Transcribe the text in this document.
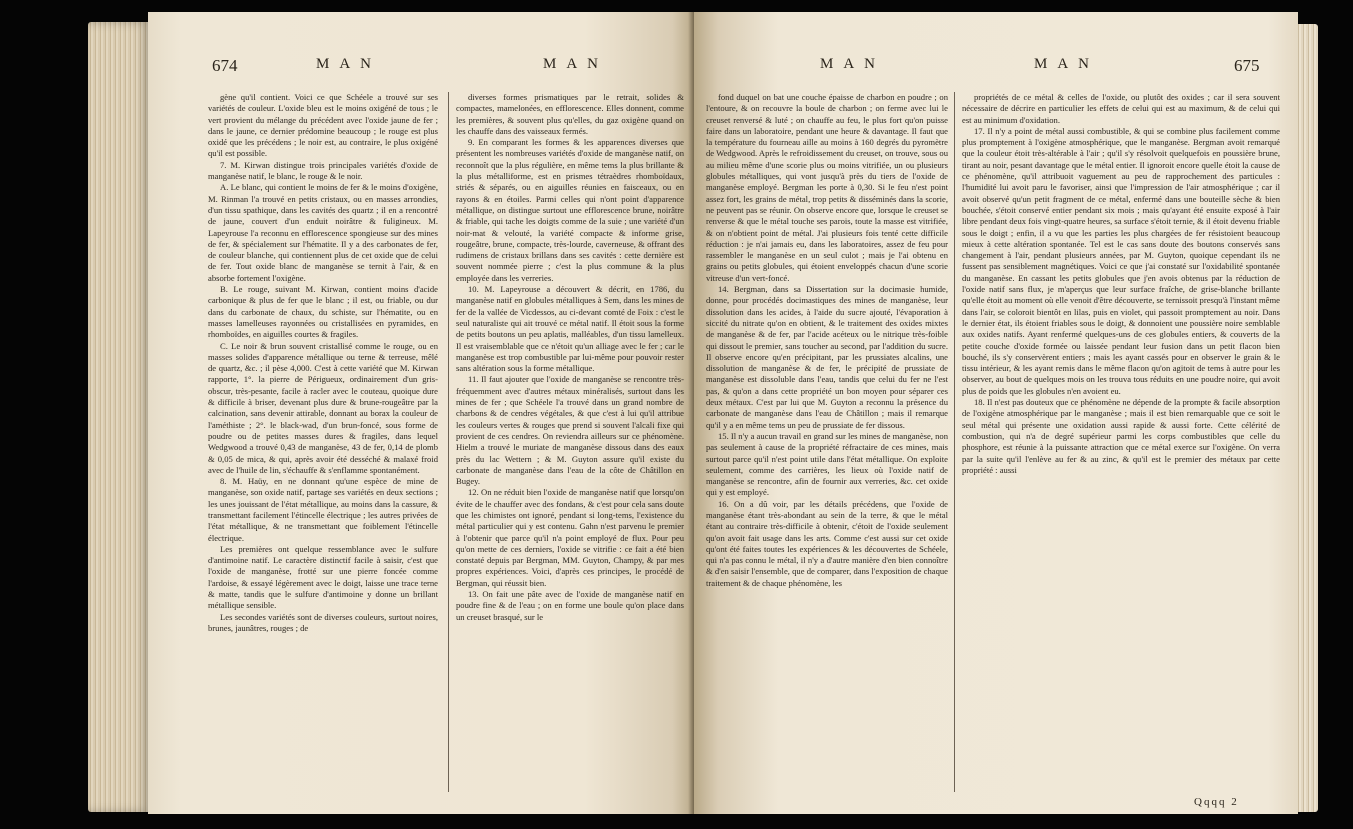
674	MAN	MAN

gène qu'il contient. Voici ce que Schéele a trouvé sur ses variétés de couleur. L'oxide bleu est le moins oxigéné de tous ; le vert provient du mélange du précédent avec l'oxide jaune de fer ; dans le jaune, ce dernier prédomine beaucoup ; le rouge est plus oxidé que les précédens ; le noir est, au contraire, le plus oxigéné qu'il est possible.

7. M. Kirwan distingue trois principales variétés d'oxide de manganèse natif, le blanc, le rouge & le noir.

A. Le blanc, qui contient le moins de fer & le moins d'oxigène, M. Rinman l'a trouvé en petits cristaux, ou en masses arrondies, d'un tissu spathique, dans les cavités des quartz ; il en a rencontré de jaune, couvert d'un enduit noirâtre & fuligineux. M. Lapeyrouse l'a reconnu en efflorescence spongieuse sur des mines de fer, & spécialement sur l'hématite. Il y a des carbonates de fer, de couleur blanche, qui contiennent plus de cet oxide que de celui de fer. Tout oxide blanc de manganèse se ternit à l'air, & en absorbe fortement l'oxigène.

B. Le rouge, suivant M. Kirwan, contient moins d'acide carbonique & plus de fer que le blanc ; il est, ou friable, ou dur dans du carbonate de chaux, du schiste, sur l'hématite, ou en masses lamelleuses rayonnées ou cristallisées en pyramides, en rhomboïdes, en aiguilles courtes & fragiles.

C. Le noir & brun souvent cristallisé comme le rouge, ou en masses solides d'apparence métallique ou terne & terreuse, mêlé de quartz, &c. ; il pèse 4,000. C'est à cette variété que M. Kirwan rapporte, 1°. la pierre de Périgueux, ordinairement d'un gris-obscur, très-pesante, facile à racler avec le couteau, quoique dure & difficile à briser, devenant plus dure & brune-rougeâtre par la calcination, sans devenir attirable, donnant au borax la couleur de l'améthiste ; 2°. le black-wad, d'un brun-foncé, sous forme de poudre ou de petites masses dures & fragiles, dans lequel Wedgwood a trouvé 0,43 de manganèse, 43 de fer, 0,14 de plomb & 0,05 de mica, & qui, après avoir été desséché & malaxé froid avec de l'huile de lin, s'échauffe & s'enflamme spontanément.

8. M. Haüy, en ne donnant qu'une espèce de mine de manganèse, son oxide natif, partage ses variétés en deux sections ; les unes jouissant de l'état métallique, au moins dans la cassure, & transmettant facilement l'étincelle électrique ; les autres privées de l'état métallique, & ne transmettant que foiblement l'étincelle électrique.

Les premières ont quelque ressemblance avec le sulfure d'antimoine natif. Le caractère distinctif facile à saisir, c'est que l'oxide de manganèse, frotté sur une pierre foncée comme l'ardoise, & essayé légèrement avec le doigt, laisse une trace terne & matte, tandis que le sulfure d'antimoine y donne un brillant métallique sensible.

Les secondes variétés sont de diverses couleurs, surtout noires, brunes, jaunâtres, rouges ; de

diverses formes prismatiques par le retrait, solides & compactes, mamelonées, en efflorescence. Elles donnent, comme les premières, & souvent plus qu'elles, du gaz oxigène quand on les chauffe dans des vaisseaux fermés.

9. En comparant les formes & les apparences diverses que présentent les nombreuses variétés d'oxide de manganèse natif, on reconnoît que la plus régulière, en même tems la plus brillante & la plus métalliforme, est en prismes tétraèdres rhomboïdaux, striés & séparés, ou en aiguilles réunies en faisceaux, ou en rayons & en étoiles. Parmi celles qui n'ont point d'apparence métallique, on distingue surtout une efflorescence brune, noirâtre & friable, qui tache les doigts comme de la suie ; une variété d'un noir-mat & velouté, la variété compacte & informe grise, rougeâtre, brune, compacte, très-lourde, caverneuse, & offrant des rudimens de cristaux brillans dans ses cavités : cette dernière est souvent nommée pierre ; c'est la plus commune & la plus employée dans les verreries.

10. M. Lapeyrouse a découvert & décrit, en 1786, du manganèse natif en globules métalliques à Sem, dans les mines de fer de la vallée de Vicdessos, au ci-devant comté de Foix : c'est le seul naturaliste qui ait trouvé ce métal natif. Il étoit sous la forme de petits boutons un peu aplatis, malléables, d'un tissu lamelleux. Il est vraisemblable que ce n'étoit qu'un alliage avec le fer ; car le manganèse est trop combustible par lui-même pour pouvoir rester sans altération sous la forme métallique.

11. Il faut ajouter que l'oxide de manganèse se rencontre très-fréquemment avec d'autres métaux minéralisés, surtout dans les mines de fer ; que Schéele l'a trouvé dans un grand nombre de charbons & de cendres végétales, & que c'est à lui qu'il attribue les couleurs vertes & rouges que prend si souvent l'alcali fixe qui provient de ces cendres. On reviendra ailleurs sur ce phénomène. Hielm a trouvé le muriate de manganèse dissous dans des eaux près du lac Wettern ; & M. Guyton assure qu'il existe du carbonate de manganèse dans l'eau de la côte de Châtillon en Bugey.

12. On ne réduit bien l'oxide de manganèse natif que lorsqu'on évite de le chauffer avec des fondans, & c'est pour cela sans doute que les chimistes ont ignoré, pendant si long-tems, l'existence du métal particulier qui y est contenu. Gahn n'est parvenu le premier à l'obtenir que parce qu'il n'a point employé de flux. Pour peu qu'on mette de ces derniers, l'oxide se vitrifie : ce fait a été bien constaté depuis par Bergman, MM. Guyton, Champy, & par mes propres expériences. Voici, d'après ces principes, le procédé de Bergman, qui réussit bien.

13. On fait une pâte avec de l'oxide de manganèse natif en poudre fine & de l'eau ; on en forme une boule qu'on place dans un creuset brasqué, sur le

MAN	MAN	675

fond duquel on bat une couche épaisse de charbon en poudre ; on l'entoure, & on recouvre la boule de charbon ; on ferme avec lui le creuset renversé & luté ; on chauffe au feu, le plus fort qu'on puisse faire dans un laboratoire, pendant une heure & davantage. Il faut que la température du fourneau aille au moins à 160 degrés du pyromètre de Wedgwood. Après le refroidissement du creuset, on trouve, sous ou au milieu même d'une scorie plus ou moins vitrifiée, un ou plusieurs globules métalliques, qui vont jusqu'à près du tiers de l'oxide de manganèse employé. Bergman les porte à 0,30. Si le feu n'est point assez fort, les grains de métal, trop petits & disséminés dans la scorie, ne peuvent pas se réunir. On observe encore que, lorsque le creuset se renverse & que le métal touche ses parois, toute la masse est vitrifiée, & on n'obtient point de métal. J'ai plusieurs fois tenté cette difficile réduction : je n'ai jamais eu, dans les laboratoires, assez de feu pour rassembler le manganèse en un seul culot ; mais je l'ai obtenu en grains ou petits globules, qui étoient enveloppés chacun d'une scorie vitreuse d'un vert-foncé.

14. Bergman, dans sa Dissertation sur la docimasie humide, donne, pour procédés docimastiques des mines de manganèse, leur dissolution dans les acides, à l'aide du sucre ajouté, l'évaporation à siccité du nitrate qu'on en obtient, & le traitement des oxides mixtes de manganèse & de fer, par l'acide acéteux ou le nitrique très-foible qui dissout le premier, sans toucher au second, par l'addition du sucre. Il observe encore qu'en précipitant, par les prussiates alcalins, une dissolution de manganèse & de fer, le précipité de prussiate de manganèse est dissoluble dans l'eau, tandis que celui du fer ne l'est pas, & qu'on a dans cette propriété un bon moyen pour séparer ces deux métaux. C'est par lui que M. Guyton a reconnu la présence du carbonate de manganèse dans l'eau de Châtillon ; mais il remarque qu'il y a en même tems un peu de prussiate de fer dissous.

15. Il n'y a aucun travail en grand sur les mines de manganèse, non pas seulement à cause de la propriété réfractaire de ces mines, mais surtout parce qu'il n'est point utile dans l'état métallique. On exploite seulement, comme des carrières, les lieux où l'oxide natif de manganèse se rencontre, afin de fournir aux verreries, &c. cet oxide qui y est employé.

16. On a dû voir, par les détails précédens, que l'oxide de manganèse étant très-abondant au sein de la terre, & que le métal étant au contraire très-difficile à obtenir, c'étoit de l'oxide seulement qu'on avoit fait usage dans les arts. Comme c'est aussi sur cet oxide qu'ont été faites toutes les expériences & les découvertes de Schéele, qui n'a pas connu le métal, il n'y a d'autre manière d'en bien connoître & d'en saisir l'ensemble, que de comparer, dans l'exposition de chaque traitement & de chaque phénomène, les

propriétés de ce métal & celles de l'oxide, ou plutôt des oxides ; car il sera souvent nécessaire de décrire en particulier les effets de celui qui est au maximum, & de celui qui est au minimum d'oxidation.

17. Il n'y a point de métal aussi combustible, & qui se combine plus facilement comme plus promptement à l'oxigène atmosphérique, que le manganèse. Bergman avoit remarqué que la couleur étoit très-altérable à l'air ; qu'il s'y résolvoit quelquefois en poussière brune, tirant au noir, pesant davantage que le métal entier. Il ignoroit encore quelle étoit la cause de ce phénomène, qu'il attribuoit vaguement au peu de rapprochement des particules : l'humidité lui avoit paru le favoriser, ainsi que l'impression de l'air atmosphérique ; car il avoit observé qu'un petit fragment de ce métal, enfermé dans une bouteille sèche & bien bouchée, s'étoit conservé entier pendant six mois ; mais qu'ayant été ensuite exposé à l'air libre pendant deux fois vingt-quatre heures, sa surface s'étoit ternie, & il étoit devenu friable sous le doigt ; enfin, il a vu que les parties les plus chargées de fer résistoient beaucoup mieux à cette altération spontanée. Tel est le cas sans doute des boutons conservés sans changement à l'air, pendant plusieurs années, par M. Guyton, quoique cependant ils ne fussent pas sensiblement magnétiques. Voici ce que j'ai constaté sur l'oxidabilité spontanée du manganèse. En cassant les petits globules que j'en avois obtenus par la réduction de l'oxide natif sans flux, je m'aperçus que leur surface fraîche, de grise-blanche brillante qu'elle étoit au moment où elle venoit d'être découverte, se ternissoit presqu'à l'instant même dans l'air, se coloroit bientôt en lilas, puis en violet, qui passoit promptement au noir. Dans le dernier état, ils étoient friables sous le doigt, & donnoient une poussière noire semblable aux oxides natifs. Ayant renfermé quelques-uns de ces globules entiers, & couverts de la petite couche d'oxide formée ou laissée pendant leur fusion dans un petit flacon bien bouché, ils s'y conservèrent entiers ; mais les ayant cassés pour en observer le grain & le tissu intérieur, & les ayant remis dans le même flacon qu'on agitoit de tems à autre pour les observer, au bout de quelques mois on les trouva tous réduits en une poudre noire, qui avoit plus de poids que les globules n'en avoient eu.

18. Il n'est pas douteux que ce phénomène ne dépende de la prompte & facile absorption de l'oxigène atmosphérique par le manganèse ; mais il est bien remarquable que ce soit le seul métal qui présente une oxidation aussi rapide & aussi forte. Cette célérité de combustion, qui n'a de degré supérieur parmi les corps combustibles que celle du phosphore, est réunie à la puissante attraction que ce métal exerce sur l'oxigène. On verra par la suite qu'il l'enlève au fer & au zinc, & qu'il est le premier des métaux par cette propriété : aussi

Qqqq 2
